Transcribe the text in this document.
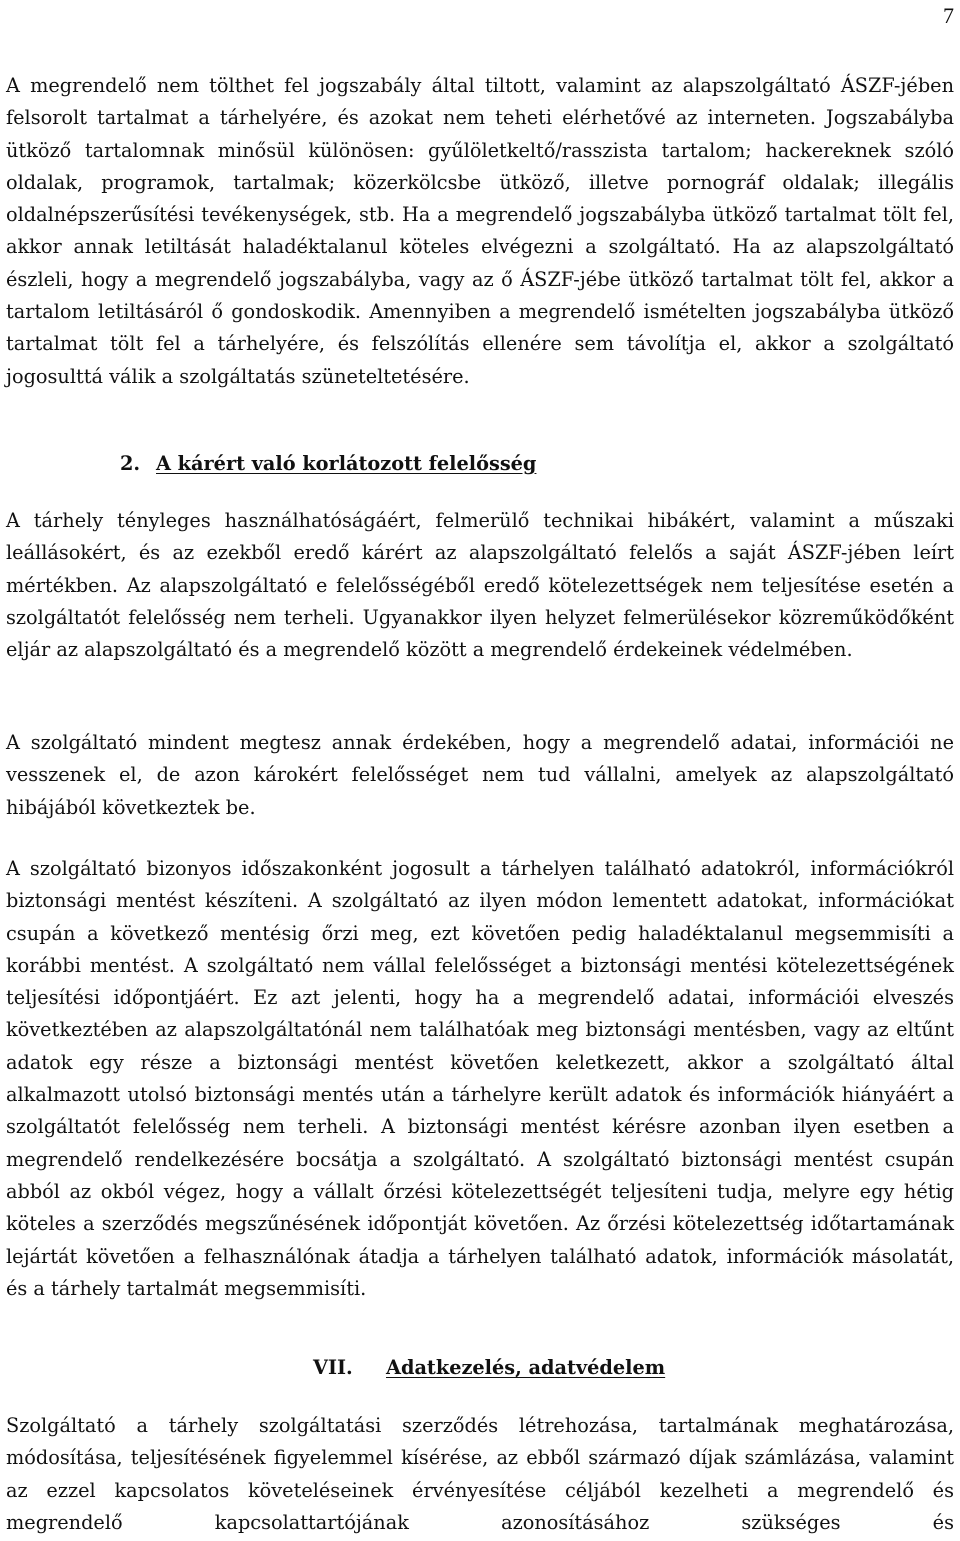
7

A megrendelő nem tölthet fel jogszabály által tiltott, valamint az alapszolgáltató ÁSZF-jében felsorolt tartalmat a tárhelyére, és azokat nem teheti elérhetővé az interneten. Jogszabályba ütköző tartalomnak minősül különösen: gyűlöletkeltő/rasszista tartalom; hackereknek szóló oldalak, programok, tartalmak; közerkölcsbe ütköző, illetve pornográf oldalak; illegális oldalnépszerűsítési tevékenységek, stb. Ha a megrendelő jogszabályba ütköző tartalmat tölt fel, akkor annak letiltását haladéktalanul köteles elvégezni a szolgáltató. Ha az alapszolgáltató észleli, hogy a megrendelő jogszabályba, vagy az ő ÁSZF-jébe ütköző tartalmat tölt fel, akkor a tartalom letiltásáról ő gondoskodik. Amennyiben a megrendelő ismételten jogszabályba ütköző tartalmat tölt fel a tárhelyére, és felszólítás ellenére sem távolítja el, akkor a szolgáltató jogosulttá válik a szolgáltatás szüneteltetésére.

2. A kárért való korlátozott felelősség

A tárhely tényleges használhatóságáért, felmerülő technikai hibákért, valamint a műszaki leállásokért, és az ezekből eredő kárért az alapszolgáltató felelős a saját ÁSZF-jében leírt mértékben. Az alapszolgáltató e felelősségéből eredő kötelezettségek nem teljesítése esetén a szolgáltatót felelősség nem terheli. Ugyanakkor ilyen helyzet felmerülésekor közreműködőként eljár az alapszolgáltató és a megrendelő között a megrendelő érdekeinek védelmében.

A szolgáltató mindent megtesz annak érdekében, hogy a megrendelő adatai, információi ne vesszenek el, de azon károkért felelősséget nem tud vállalni, amelyek az alapszolgáltató hibájából következtek be.

A szolgáltató bizonyos időszakonként jogosult a tárhelyen található adatokról, információkról biztonsági mentést készíteni. A szolgáltató az ilyen módon lementett adatokat, információkat csupán a következő mentésig őrzi meg, ezt követően pedig haladéktalanul megsemmisíti a korábbi mentést. A szolgáltató nem vállal felelősséget a biztonsági mentési kötelezettségének teljesítési időpontjáért. Ez azt jelenti, hogy ha a megrendelő adatai, információi elveszés következtében az alapszolgáltatónál nem találhatóak meg biztonsági mentésben, vagy az eltűnt adatok egy része a biztonsági mentést követően keletkezett, akkor a szolgáltató által alkalmazott utolsó biztonsági mentés után a tárhelyre került adatok és információk hiányáért a szolgáltatót felelősség nem terheli. A biztonsági mentést kérésre azonban ilyen esetben a megrendelő rendelkezésére bocsátja a szolgáltató. A szolgáltató biztonsági mentést csupán abból az okból végez, hogy a vállalt őrzési kötelezettségét teljesíteni tudja, melyre egy hétig köteles a szerződés megszűnésének időpontját követően. Az őrzési kötelezettség időtartamának lejártát követően a felhasználónak átadja a tárhelyen található adatok, információk másolatát, és a tárhely tartalmát megsemmisíti.

VII. Adatkezelés, adatvédelem

Szolgáltató a tárhely szolgáltatási szerződés létrehozása, tartalmának meghatározása, módosítása, teljesítésének figyelemmel kísérése, az ebből származó díjak számlázása, valamint az ezzel kapcsolatos követeléseinek érvényesítése céljából kezelheti a megrendelő és megrendelő kapcsolattartójának azonosításához szükséges és
